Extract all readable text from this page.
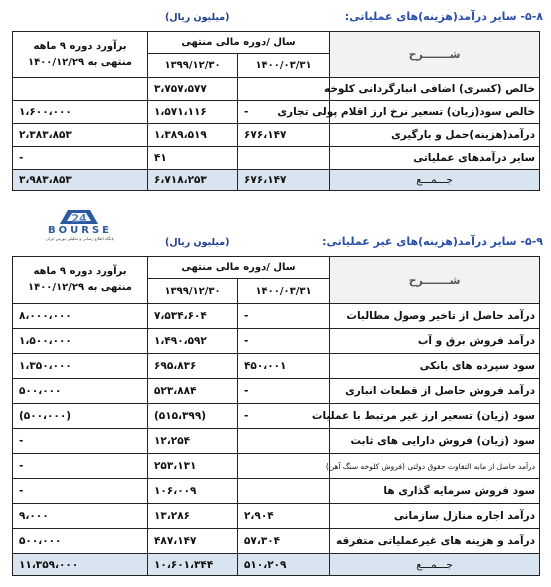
۵-۸- سایر درآمد(هزینه)های عملیاتی:
(میلیون ریال)
شـــــــرح	سال /دوره مالی منتهی		برآورد دوره ۹ ماهه منتهی به ۱۴۰۰/۱۲/۲۹
	۱۴۰۰/۰۳/۳۱	۱۳۹۹/۱۲/۳۰	
خالص (کسری) اضافی انبارگردانی کلوخه		۳،۷۵۷،۵۷۷	
خالص سود(زیان) تسعیر نرخ ارز اقلام پولی تجاری	-	۱،۵۷۱،۱۱۶	۱،۶۰۰،۰۰۰
درآمد(هزینه)حمل و بارگیری	۶۷۶،۱۴۷	۱،۳۸۹،۵۱۹	۲،۳۸۳،۸۵۳
سایر درآمدهای عملیاتی		۴۱	-
جـــمـــع	۶۷۶،۱۴۷	۶،۷۱۸،۲۵۳	۳،۹۸۳،۸۵۳
24
BOURSE
پایگاه اطلاع رسانی و تحلیلی بورس ایران	۵-۹- سایر درآمد(هزینه)های غیر عملیاتی:
(میلیون ریال)
شـــــــرح	سال /دوره مالی منتهی		برآورد دوره ۹ ماهه منتهی به ۱۴۰۰/۱۲/۲۹
	۱۴۰۰/۰۳/۳۱	۱۳۹۹/۱۲/۳۰	
درآمد حاصل از تاخیر وصول مطالبات	-	۷،۵۳۴،۶۰۴	۸،۰۰۰،۰۰۰
درآمد فروش برق و آب	-	۱،۴۹۰،۵۹۲	۱،۵۰۰،۰۰۰
سود سپرده های بانکی	۴۵۰،۰۰۱	۶۹۵،۸۳۶	۱،۳۵۰،۰۰۰
درآمد فروش حاصل از قطعات انباری	-	۵۲۳،۸۸۴	۵۰۰،۰۰۰
سود (زیان) تسعیر ارز غیر مرتبط با عملیات	-	(۵۱۵،۳۹۹)	(۵۰۰،۰۰۰)
سود (زیان) فروش دارایی های ثابت		۱۲،۲۵۴	-
درآمد حاصل از مابه التفاوت حقوق دولتی (فروش کلوخه سنگ آهن)		۲۵۳،۱۳۱	-
سود فروش سرمایه گذاری ها		۱۰۶،۰۰۹	-
درآمد اجاره منازل سازمانی	۲،۹۰۴	۱۳،۲۸۶	۹،۰۰۰
درآمد و هزینه های غیرعملیاتی متفرقه	۵۷،۳۰۴	۴۸۷،۱۴۷	۵۰۰،۰۰۰
جـــمـــع	۵۱۰،۲۰۹	۱۰،۶۰۱،۳۴۴	۱۱،۳۵۹،۰۰۰
